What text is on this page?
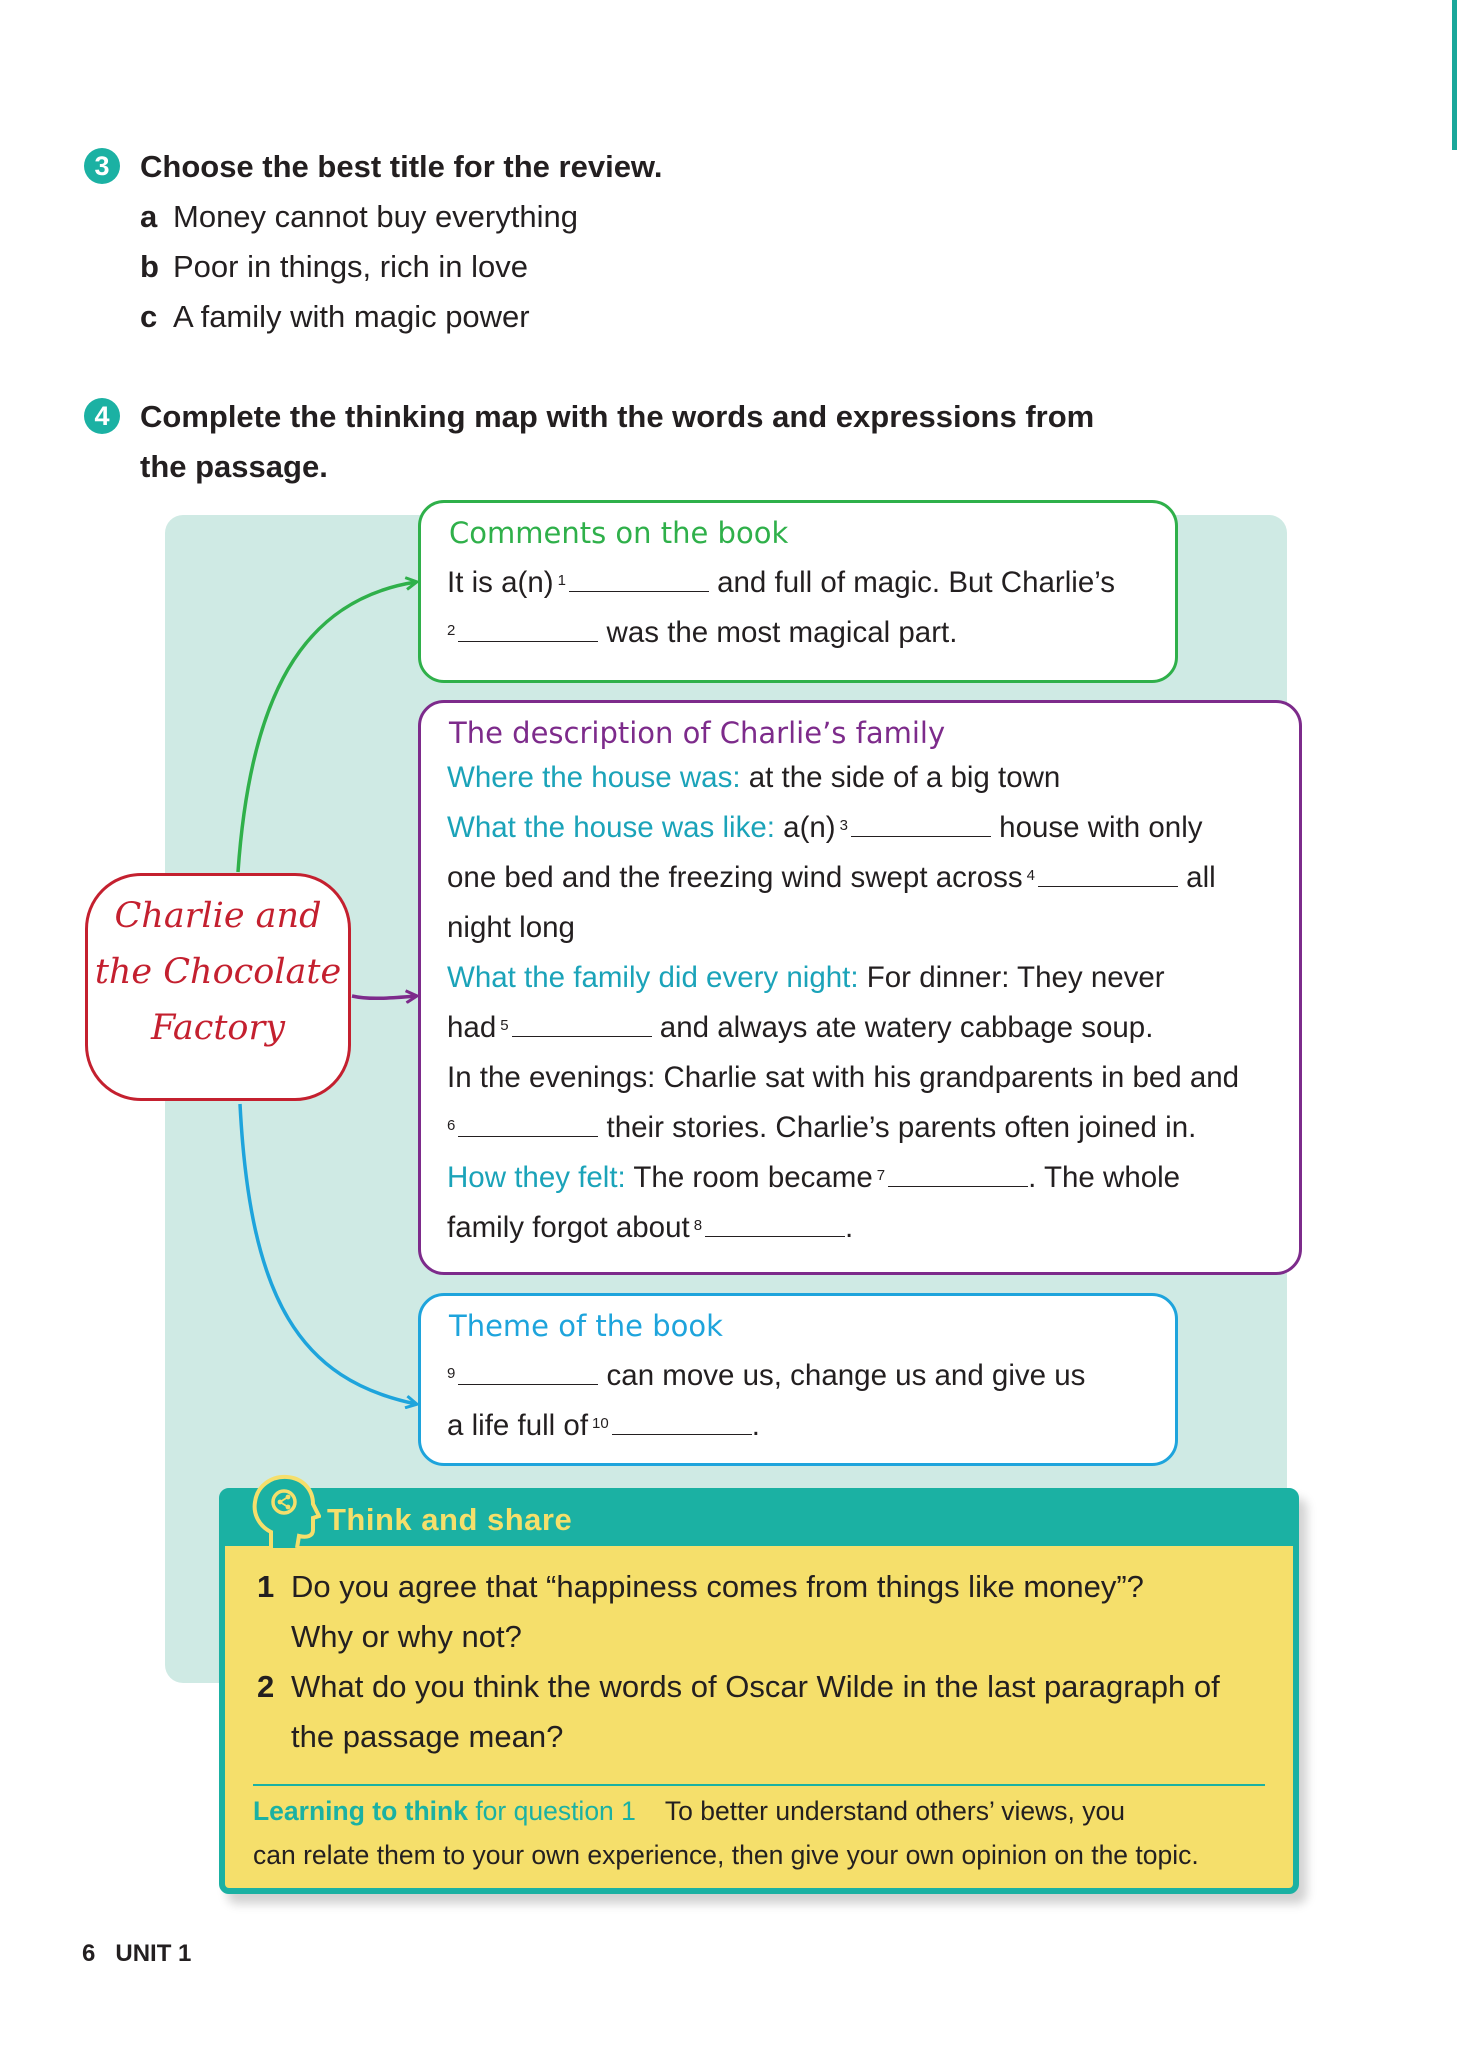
3 Choose the best title for the review.
a Money cannot buy everything
b Poor in things, rich in love
c A family with magic power
4 Complete the thinking map with the words and expressions from
the passage.
Charlie and
the Chocolate
Factory
Comments on the book
It is a(n) $^1$	and full of magic. But Charlie’s
$^2$	was the most magical part.
The description of Charlie’s family
Where the house was: at the side of a big town
What the house was like: a(n) $^3$	house with only
one bed and the freezing wind swept across $^4$	all
night long
What the family did every night: For dinner: They never
had $^5$	and always ate watery cabbage soup.
In the evenings: Charlie sat with his grandparents in bed and
$^6$	their stories. Charlie’s parents often joined in.
How they felt: The room became $^7$	. The whole
family forgot about $^8$	.
Theme of the book
$^9$	can move us, change us and give us
a life full of $^{10}$	.
Think and share
1 Do you agree that “happiness comes from things like money”?
Why or why not?
2 What do you think the words of Oscar Wilde in the last paragraph of
the passage mean?
Learning to think for question 1 To better understand others’ views, you
can relate them to your own experience, then give your own opinion on the topic.
6 UNIT 1
